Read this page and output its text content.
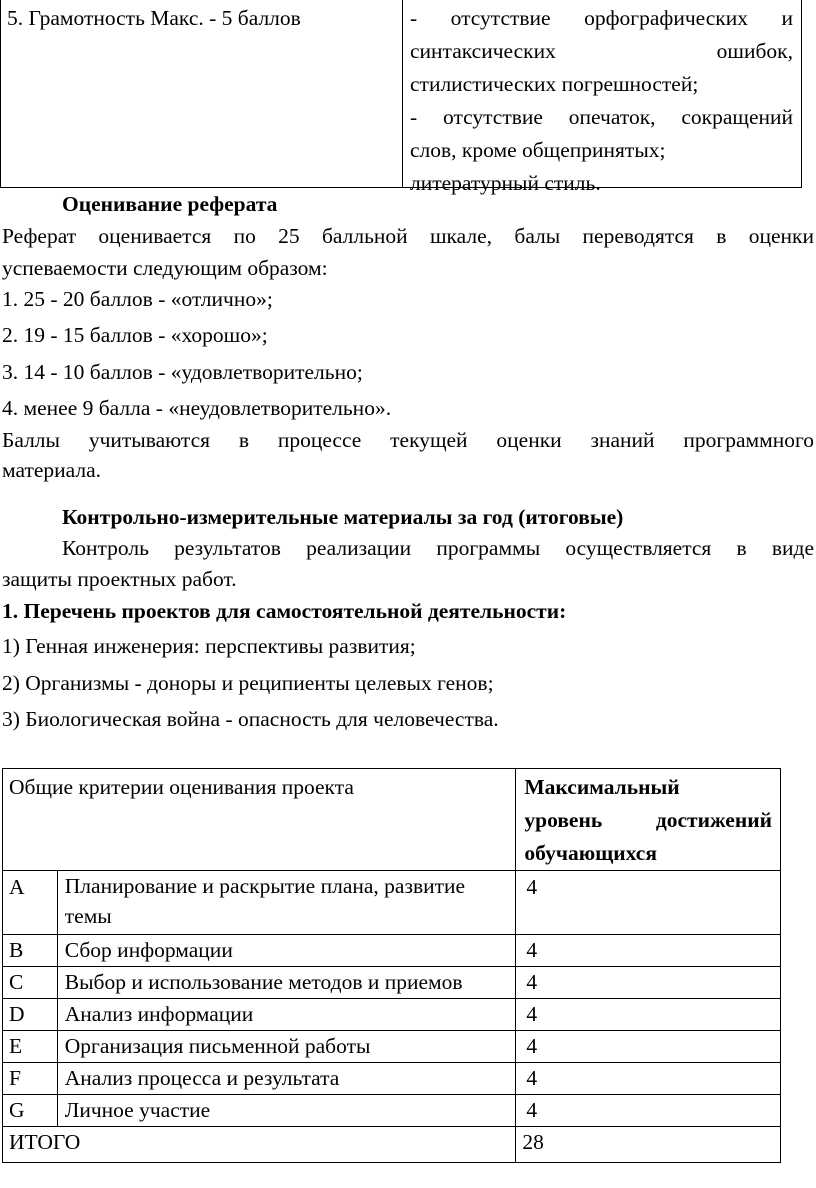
5. Грамотность Макс. - 5 баллов	- отсутствие орфографических и
синтаксических ошибок,
стилистических погрешностей;
- отсутствие опечаток, сокращений
слов, кроме общепринятых;
литературный стиль.
Оценивание реферата
Реферат оценивается по 25 балльной шкале, балы переводятся в оценки
успеваемости следующим образом:
1. 25 - 20 баллов - «отлично»;
2. 19 - 15 баллов - «хорошо»;
3. 14 - 10 баллов - «удовлетворительно;
4. менее 9 балла - «неудовлетворительно».
Баллы учитываются в процессе текущей оценки знаний программного
материала.
Контрольно-измерительные материалы за год (итоговые)
Контроль результатов реализации программы осуществляется в виде
защиты проектных работ.
1. Перечень проектов для самостоятельной деятельности:
1) Генная инженерия: перспективы развития;
2) Организмы - доноры и реципиенты целевых генов;
3) Биологическая война - опасность для человечества.
Общие критерии оценивания проекта		Максимальный
уровень достижений
обучающихся

A	Планирование и раскрытие плана, развитие
темы	4

B	Сбор информации	4

C	Выбор и использование методов и приемов	4

D	Анализ информации	4

E	Организация письменной работы	4

F	Анализ процесса и результата	4

G	Личное участие	4

ИТОГО		28
